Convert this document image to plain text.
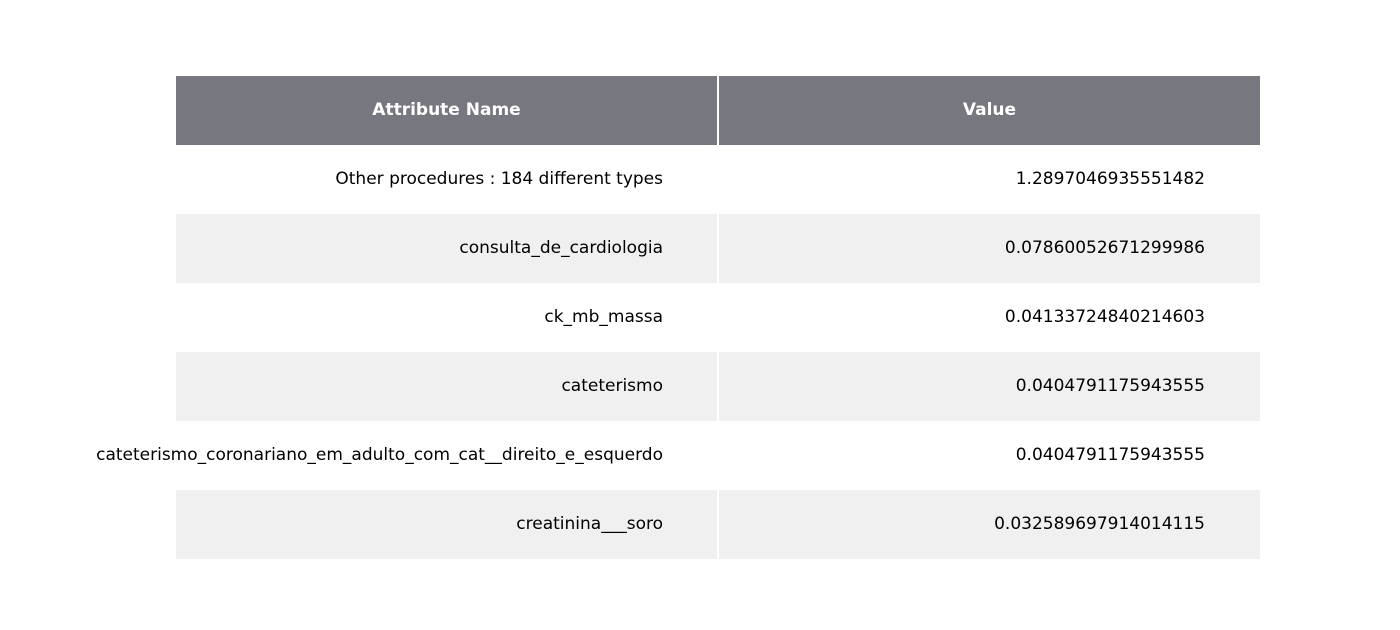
Attribute Name	Value
Other procedures : 184 different types	1.2897046935551482
consulta_de_cardiologia	0.07860052671299986
ck_mb_massa	0.04133724840214603
cateterismo	0.0404791175943555
cateterismo_coronariano_em_adulto_com_cat__direito_e_esquerdo	0.0404791175943555
creatinina___soro	0.032589697914014115
